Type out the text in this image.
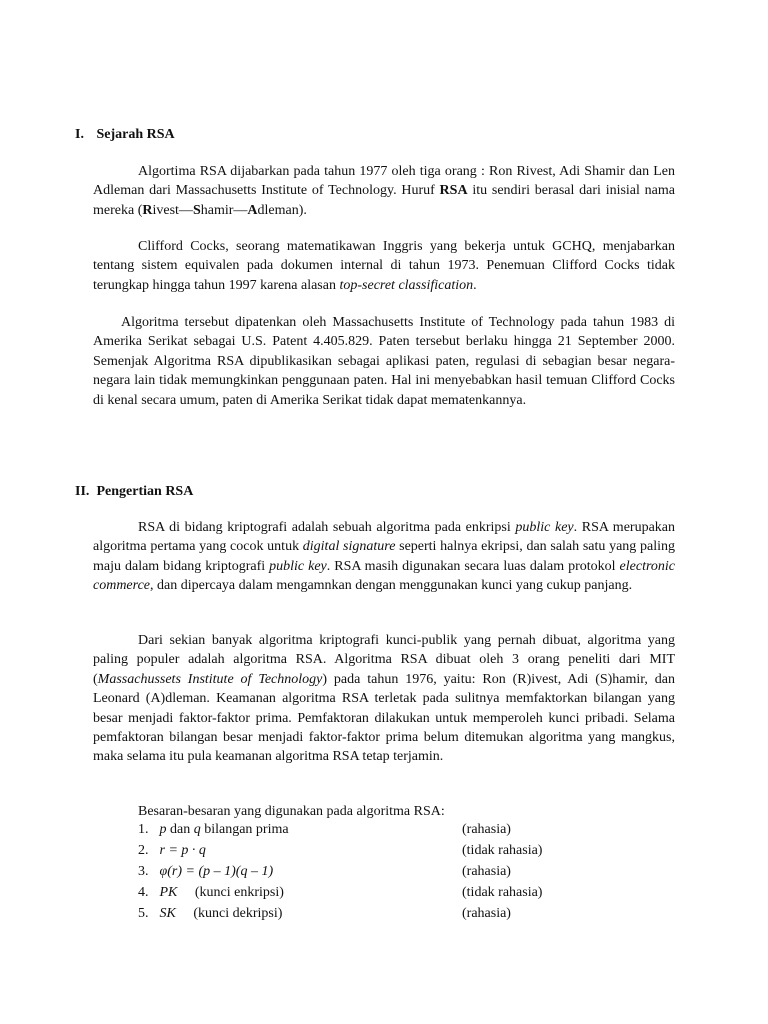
I. Sejarah RSA

Algortima RSA dijabarkan pada tahun 1977 oleh tiga orang : Ron Rivest, Adi Shamir dan Len Adleman dari Massachusetts Institute of Technology. Huruf RSA itu sendiri berasal dari inisial nama mereka (Rivest—Shamir—Adleman).

Clifford Cocks, seorang matematikawan Inggris yang bekerja untuk GCHQ, menjabarkan tentang sistem equivalen pada dokumen internal di tahun 1973. Penemuan Clifford Cocks tidak terungkap hingga tahun 1997 karena alasan top-secret classification.

Algoritma tersebut dipatenkan oleh Massachusetts Institute of Technology pada tahun 1983 di Amerika Serikat sebagai U.S. Patent 4.405.829. Paten tersebut berlaku hingga 21 September 2000. Semenjak Algoritma RSA dipublikasikan sebagai aplikasi paten, regulasi di sebagian besar negara-negara lain tidak memungkinkan penggunaan paten. Hal ini menyebabkan hasil temuan Clifford Cocks di kenal secara umum, paten di Amerika Serikat tidak dapat mematenkannya.

II. Pengertian RSA

RSA di bidang kriptografi adalah sebuah algoritma pada enkripsi public key. RSA merupakan algoritma pertama yang cocok untuk digital signature seperti halnya ekripsi, dan salah satu yang paling maju dalam bidang kriptografi public key. RSA masih digunakan secara luas dalam protokol electronic commerce, dan dipercaya dalam mengamnkan dengan menggunakan kunci yang cukup panjang.

Dari sekian banyak algoritma kriptografi kunci-publik yang pernah dibuat, algoritma yang paling populer adalah algoritma RSA. Algoritma RSA dibuat oleh 3 orang peneliti dari MIT (Massachussets Institute of Technology) pada tahun 1976, yaitu: Ron (R)ivest, Adi (S)hamir, dan Leonard (A)dleman. Keamanan algoritma RSA terletak pada sulitnya memfaktorkan bilangan yang besar menjadi faktor-faktor prima. Pemfaktoran dilakukan untuk memperoleh kunci pribadi. Selama pemfaktoran bilangan besar menjadi faktor-faktor prima belum ditemukan algoritma yang mangkus, maka selama itu pula keamanan algoritma RSA tetap terjamin.

Besaran-besaran yang digunakan pada algoritma RSA:

1. p dan q bilangan prima	(rahasia)
2. r = p · q	(tidak rahasia)
3. φ(r) = (p – 1)(q – 1)	(rahasia)
4. PK     (kunci enkripsi)	(tidak rahasia)
5. SK     (kunci dekripsi)	(rahasia)
